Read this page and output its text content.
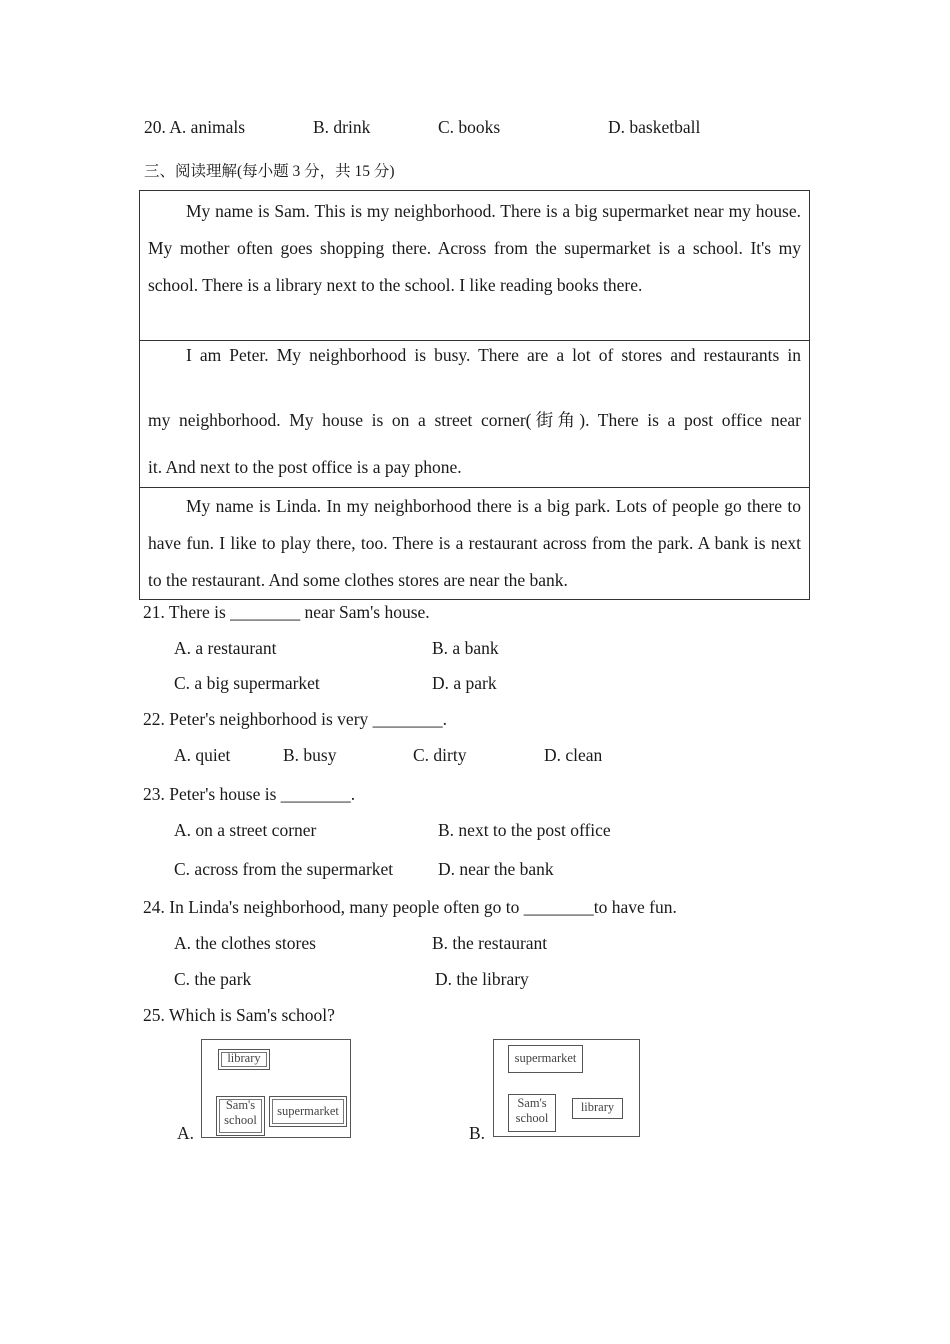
20. A. animals	B. drink	C. books	D. basketball
三、阅读理解(每小题 3 分，共 15 分)

My name is Sam. This is my neighborhood. There is a big supermarket near my house. My mother often goes shopping there. Across from the supermarket is a school. It's my school. There is a library next to the school. I like reading books there.

I am Peter. My neighborhood is busy. There are a lot of stores and restaurants in
my neighborhood. My house is on a street corner(街角). There is a post office near
it. And next to the post office is a pay phone.

My name is Linda. In my neighborhood there is a big park. Lots of people go there to have fun. I like to play there, too. There is a restaurant across from the park. A bank is next to the restaurant. And some clothes stores are near the bank.

21. There is ________ near Sam's house.
A. a restaurant	B. a bank
C. a big supermarket	D. a park
22. Peter's neighborhood is very ________.
A. quiet	B. busy	C. dirty	D. clean
23. Peter's house is ________.
A. on a street corner	B. next to the post office
C. across from the supermarket	D. near the bank
24. In Linda's neighborhood, many people often go to ________to have fun.
A. the clothes stores	B. the restaurant
C. the park	D. the library
25. Which is Sam's school?
A.
library
Sam's
school
supermarket
B.
supermarket
Sam's
school
library
